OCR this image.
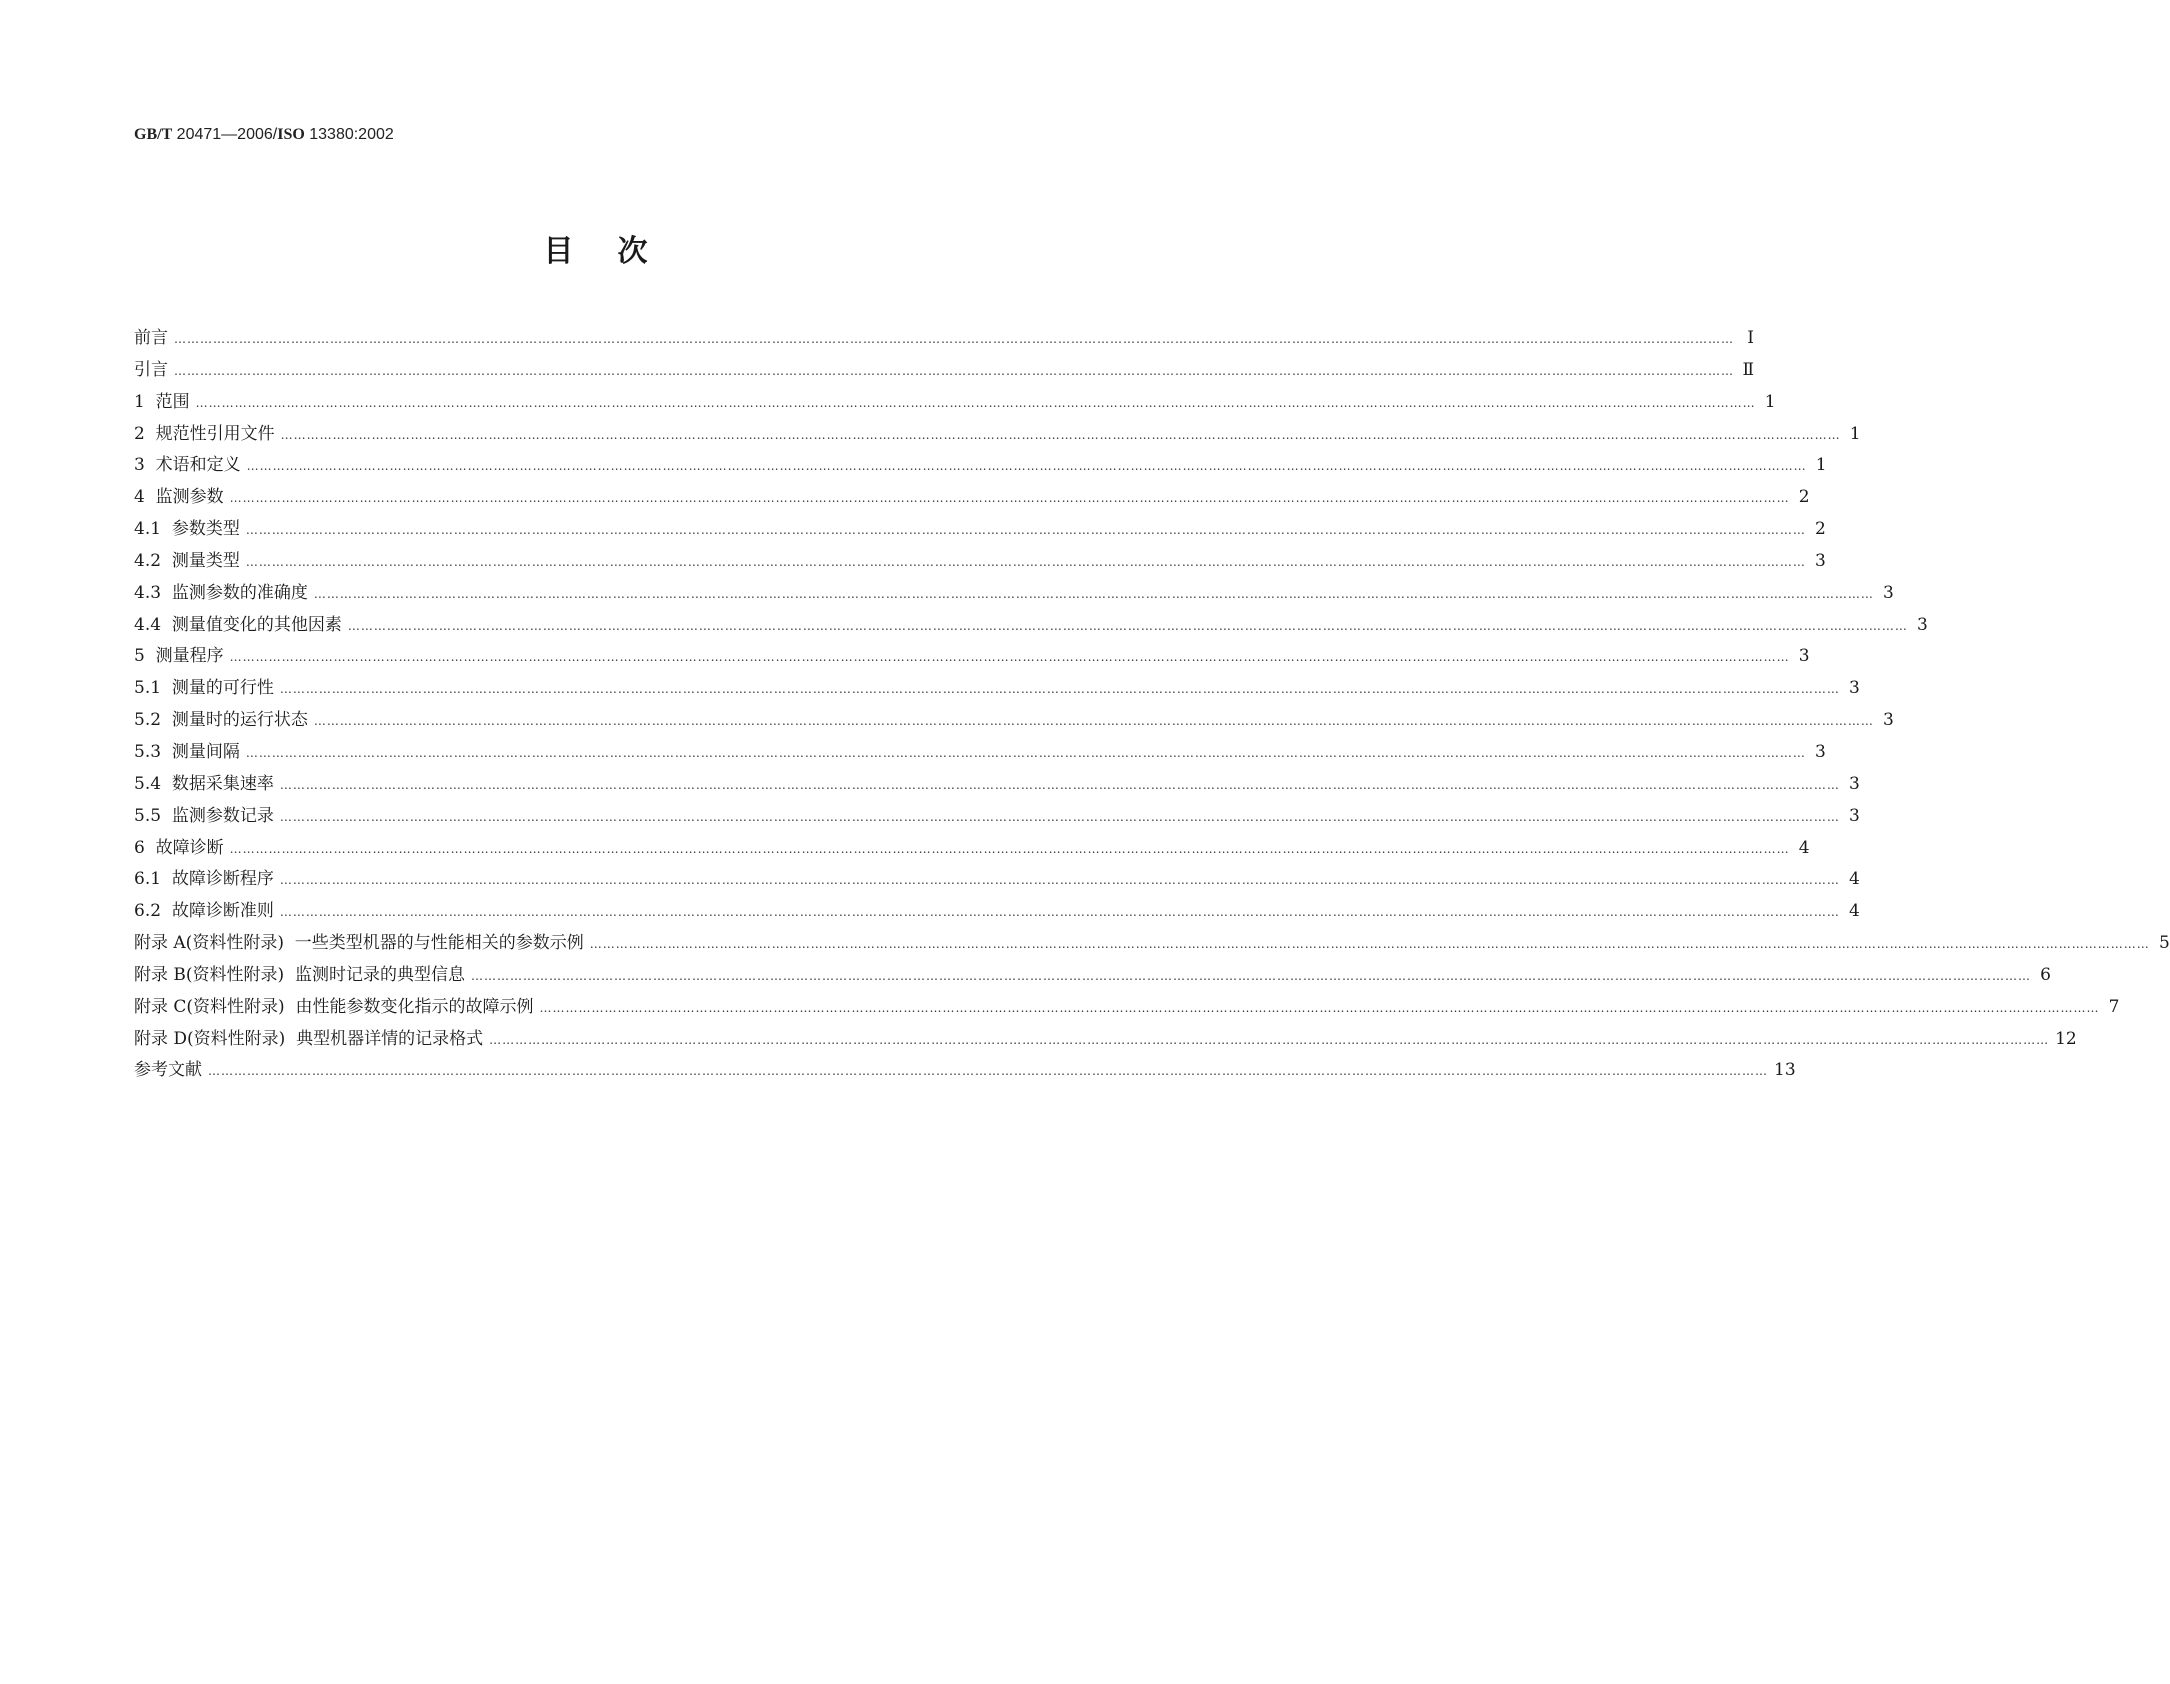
GB/T 20471—2006/ISO 13380:2002
目次
前言 ……………………………………………………………………………………………………………………………………………………………………………………………………………………………………………………………………………………………………………………………… Ⅰ
引言 ……………………………………………………………………………………………………………………………………………………………………………………………………………………………………………………………………………………………………………………………… Ⅱ
1  范围 ……………………………………………………………………………………………………………………………………………………………………………………………………………………………………………………………………………………………………………………………… 1
2  规范性引用文件 ……………………………………………………………………………………………………………………………………………………………………………………………………………………………………………………………………………………………………………………………… 1
3  术语和定义 ……………………………………………………………………………………………………………………………………………………………………………………………………………………………………………………………………………………………………………………………… 1
4  监测参数 ……………………………………………………………………………………………………………………………………………………………………………………………………………………………………………………………………………………………………………………………… 2
4.1  参数类型 ……………………………………………………………………………………………………………………………………………………………………………………………………………………………………………………………………………………………………………………………… 2
4.2  测量类型 ……………………………………………………………………………………………………………………………………………………………………………………………………………………………………………………………………………………………………………………………… 3
4.3  监测参数的准确度 ……………………………………………………………………………………………………………………………………………………………………………………………………………………………………………………………………………………………………………………………… 3
4.4  测量值变化的其他因素 ……………………………………………………………………………………………………………………………………………………………………………………………………………………………………………………………………………………………………………………………… 3
5  测量程序 ……………………………………………………………………………………………………………………………………………………………………………………………………………………………………………………………………………………………………………………………… 3
5.1  测量的可行性 ……………………………………………………………………………………………………………………………………………………………………………………………………………………………………………………………………………………………………………………………… 3
5.2  测量时的运行状态 ……………………………………………………………………………………………………………………………………………………………………………………………………………………………………………………………………………………………………………………………… 3
5.3  测量间隔 ……………………………………………………………………………………………………………………………………………………………………………………………………………………………………………………………………………………………………………………………… 3
5.4  数据采集速率 ……………………………………………………………………………………………………………………………………………………………………………………………………………………………………………………………………………………………………………………………… 3
5.5  监测参数记录 ……………………………………………………………………………………………………………………………………………………………………………………………………………………………………………………………………………………………………………………………… 3
6  故障诊断 ……………………………………………………………………………………………………………………………………………………………………………………………………………………………………………………………………………………………………………………………… 4
6.1  故障诊断程序 ……………………………………………………………………………………………………………………………………………………………………………………………………………………………………………………………………………………………………………………………… 4
6.2  故障诊断准则 ……………………………………………………………………………………………………………………………………………………………………………………………………………………………………………………………………………………………………………………………… 4
附录 A(资料性附录)  一些类型机器的与性能相关的参数示例 ……………………………………………………………………………………………………………………………………………………………………………………………………………………………………………………………………………………………………………………………… 5
附录 B(资料性附录)  监测时记录的典型信息 ……………………………………………………………………………………………………………………………………………………………………………………………………………………………………………………………………………………………………………………………… 6
附录 C(资料性附录)  由性能参数变化指示的故障示例 ……………………………………………………………………………………………………………………………………………………………………………………………………………………………………………………………………………………………………………………………… 7
附录 D(资料性附录)  典型机器详情的记录格式 ……………………………………………………………………………………………………………………………………………………………………………………………………………………………………………………………………………………………………………………………… 12
参考文献 ……………………………………………………………………………………………………………………………………………………………………………………………………………………………………………………………………………………………………………………………… 13
